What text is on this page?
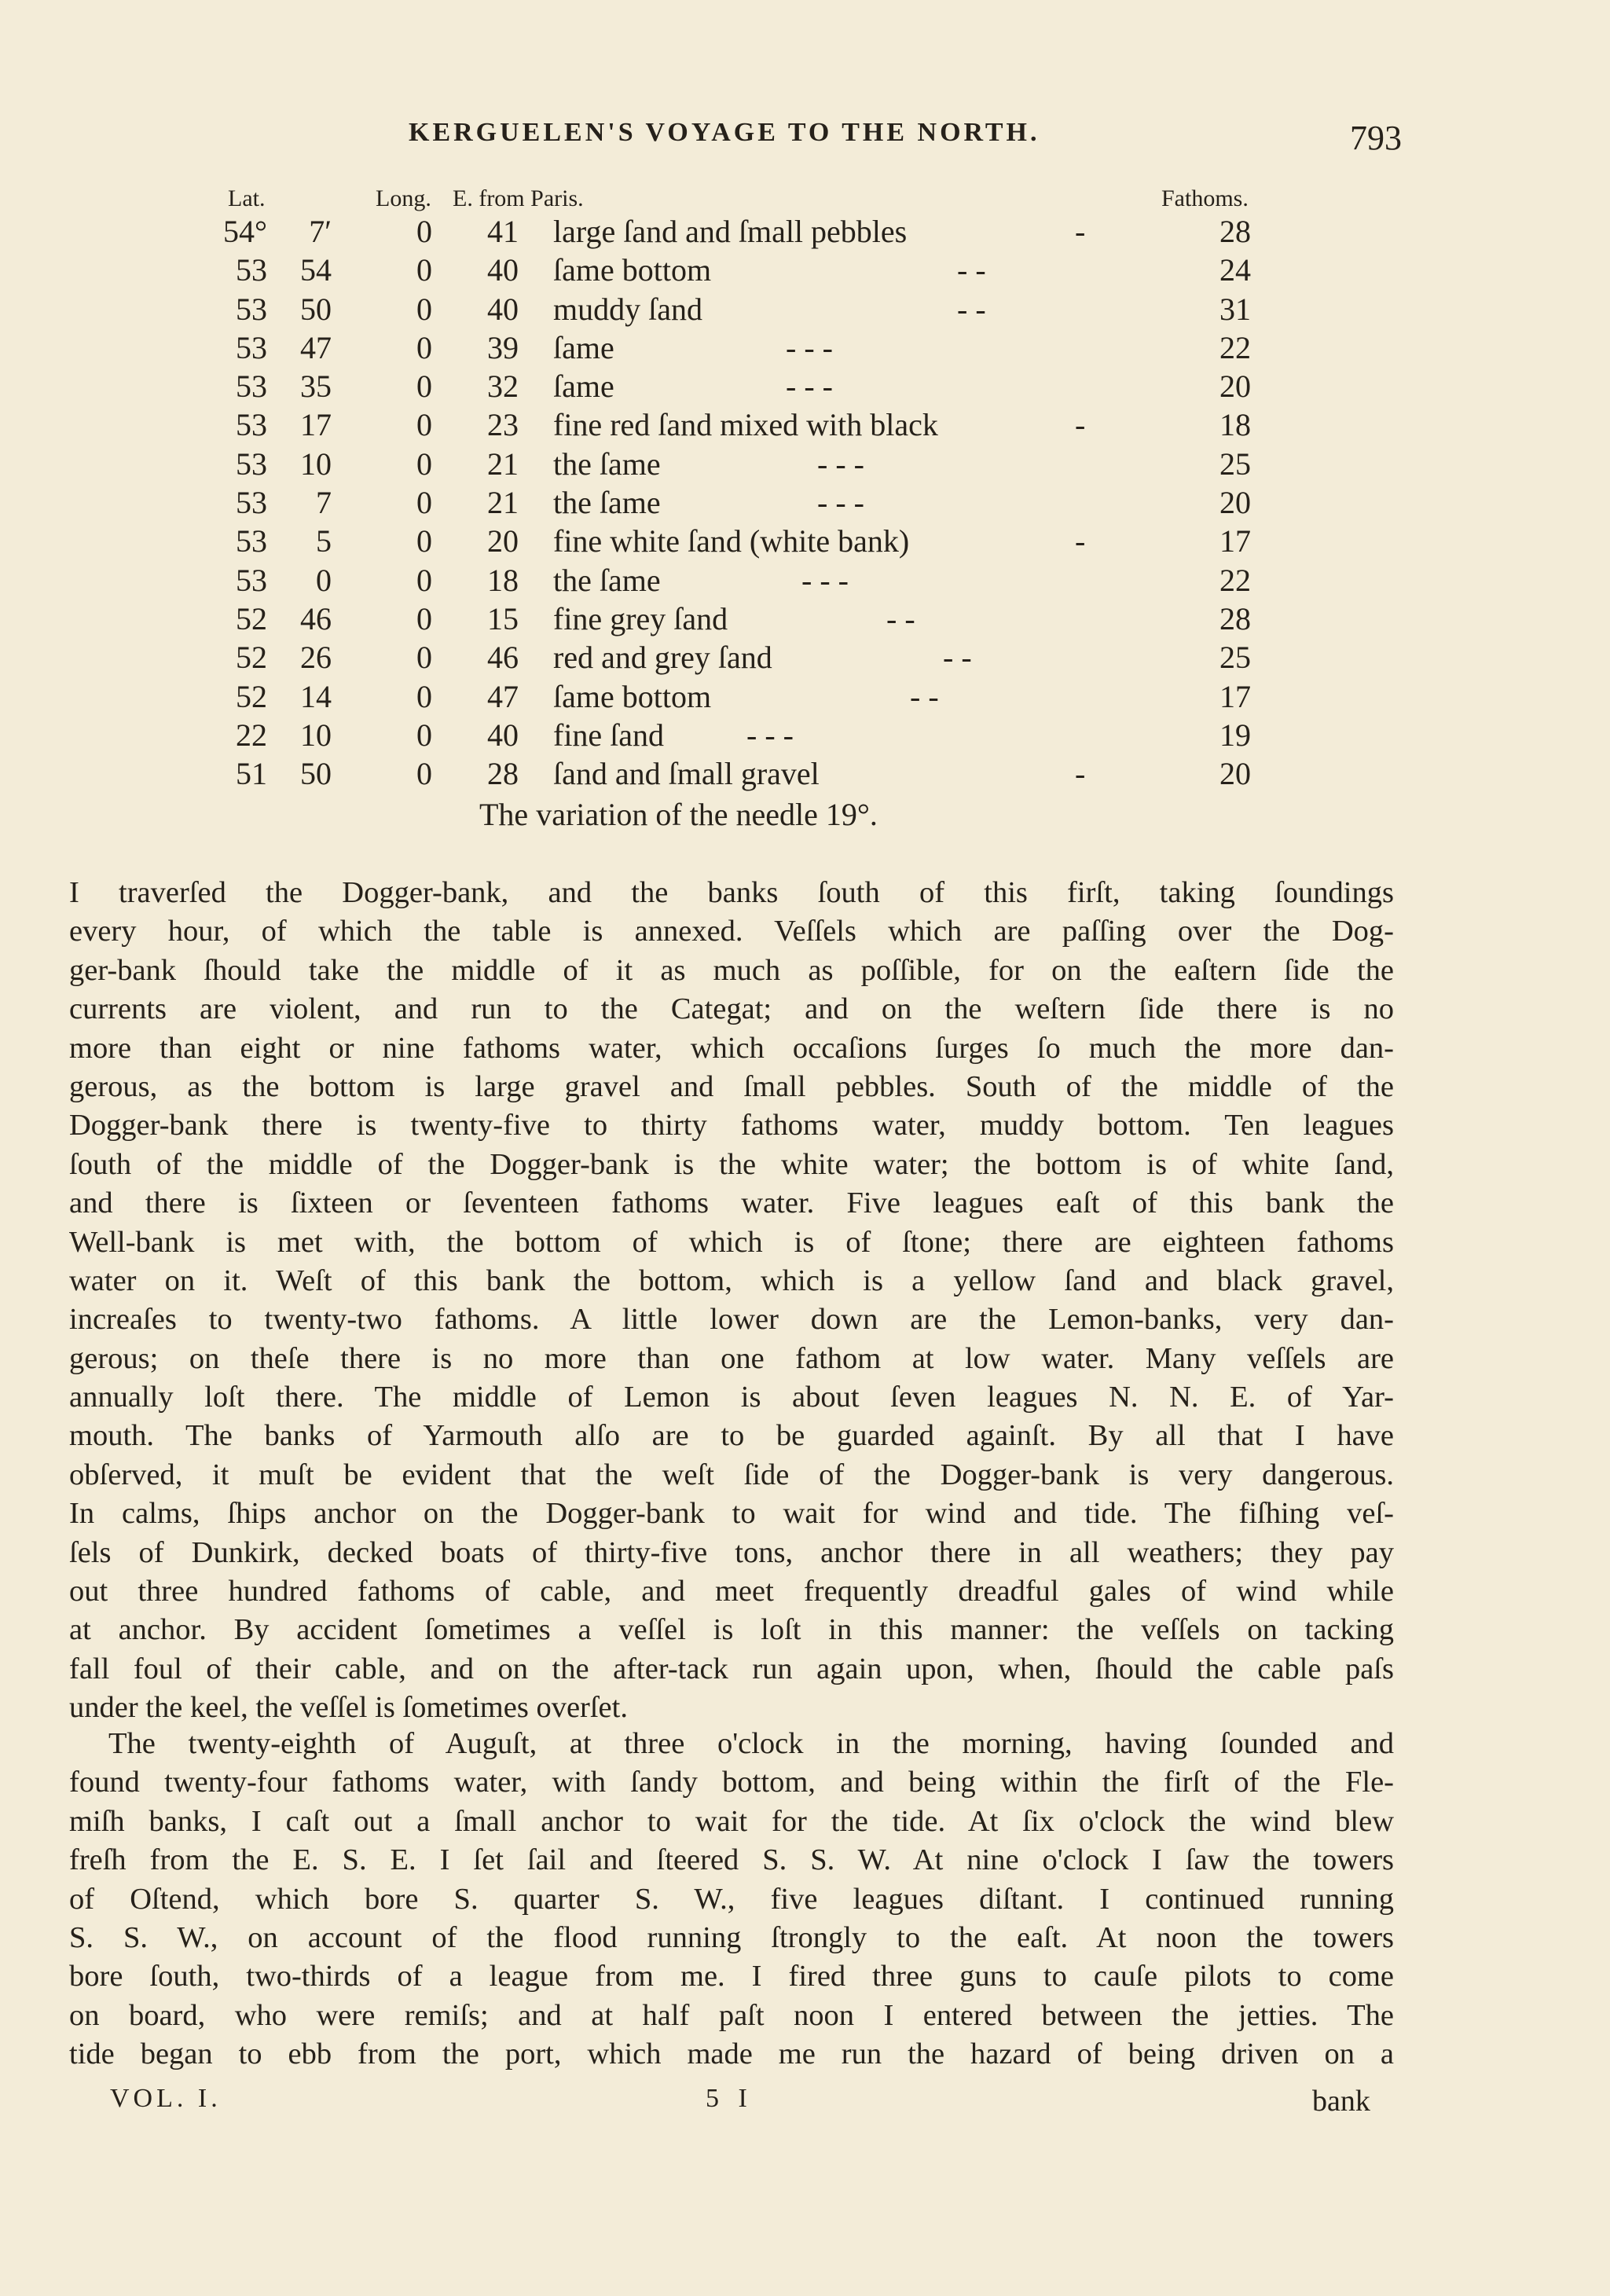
KERGUELEN'S VOYAGE TO THE NORTH.	793
Lat.	Long. E. from Paris.	Fathoms.
54°	7′	0	41 large ſand and ſmall pebbles	-	28
53	54	0	40 ſame bottom	- -	24
53	50	0	40 muddy ſand	- -	31
53	47	0	39 ſame	- - -	22
53	35	0	32 ſame	- - -	20
53	17	0	23 fine red ſand mixed with black	-	18
53	10	0	21 the ſame	- - -	25
53	7	0	21 the ſame	- - -	20
53	5	0	20 fine white ſand (white bank)	-	17
53	0	0	18 the ſame	- - -	22
52	46	0	15 fine grey ſand	- -	28
52	26	0	46 red and grey ſand	- -	25
52	14	0	47 ſame bottom	- -	17
22	10	0	40 fine ſand	- - -	19
51	50	0	28 ſand and ſmall gravel	-	20
The variation of the needle 19°.
I traverſed the Dogger-bank, and the banks ſouth of this firſt, taking ſoundings
every hour, of which the table is annexed. Veſſels which are paſſing over the Dog-
ger-bank ſhould take the middle of it as much as poſſible, for on the eaſtern ſide the
currents are violent, and run to the Categat; and on the weſtern ſide there is no
more than eight or nine fathoms water, which occaſions ſurges ſo much the more dan-
gerous, as the bottom is large gravel and ſmall pebbles. South of the middle of the
Dogger-bank there is twenty-five to thirty fathoms water, muddy bottom. Ten leagues
ſouth of the middle of the Dogger-bank is the white water; the bottom is of white ſand,
and there is ſixteen or ſeventeen fathoms water. Five leagues eaſt of this bank the
Well-bank is met with, the bottom of which is of ſtone; there are eighteen fathoms
water on it. Weſt of this bank the bottom, which is a yellow ſand and black gravel,
increaſes to twenty-two fathoms. A little lower down are the Lemon-banks, very dan-
gerous; on theſe there is no more than one fathom at low water. Many veſſels are
annually loſt there. The middle of Lemon is about ſeven leagues N. N. E. of Yar-
mouth. The banks of Yarmouth alſo are to be guarded againſt. By all that I have
obſerved, it muſt be evident that the weſt ſide of the Dogger-bank is very dangerous.
In calms, ſhips anchor on the Dogger-bank to wait for wind and tide. The fiſhing veſ-
ſels of Dunkirk, decked boats of thirty-five tons, anchor there in all weathers; they pay
out three hundred fathoms of cable, and meet frequently dreadful gales of wind while
at anchor. By accident ſometimes a veſſel is loſt in this manner: the veſſels on tacking
fall foul of their cable, and on the after-tack run again upon, when, ſhould the cable paſs
under the keel, the veſſel is ſometimes overſet.
The twenty-eighth of Auguſt, at three o'clock in the morning, having ſounded and
found twenty-four fathoms water, with ſandy bottom, and being within the firſt of the Fle-
miſh banks, I caſt out a ſmall anchor to wait for the tide. At ſix o'clock the wind blew
freſh from the E. S. E. I ſet ſail and ſteered S. S. W. At nine o'clock I ſaw the towers
of Oſtend, which bore S. quarter S. W., five leagues diſtant. I continued running
S. S. W., on account of the flood running ſtrongly to the eaſt. At noon the towers
bore ſouth, two-thirds of a league from me. I fired three guns to cauſe pilots to come
on board, who were remiſs; and at half paſt noon I entered between the jetties. The
tide began to ebb from the port, which made me run the hazard of being driven on a
VOL. I.	5 I	bank
